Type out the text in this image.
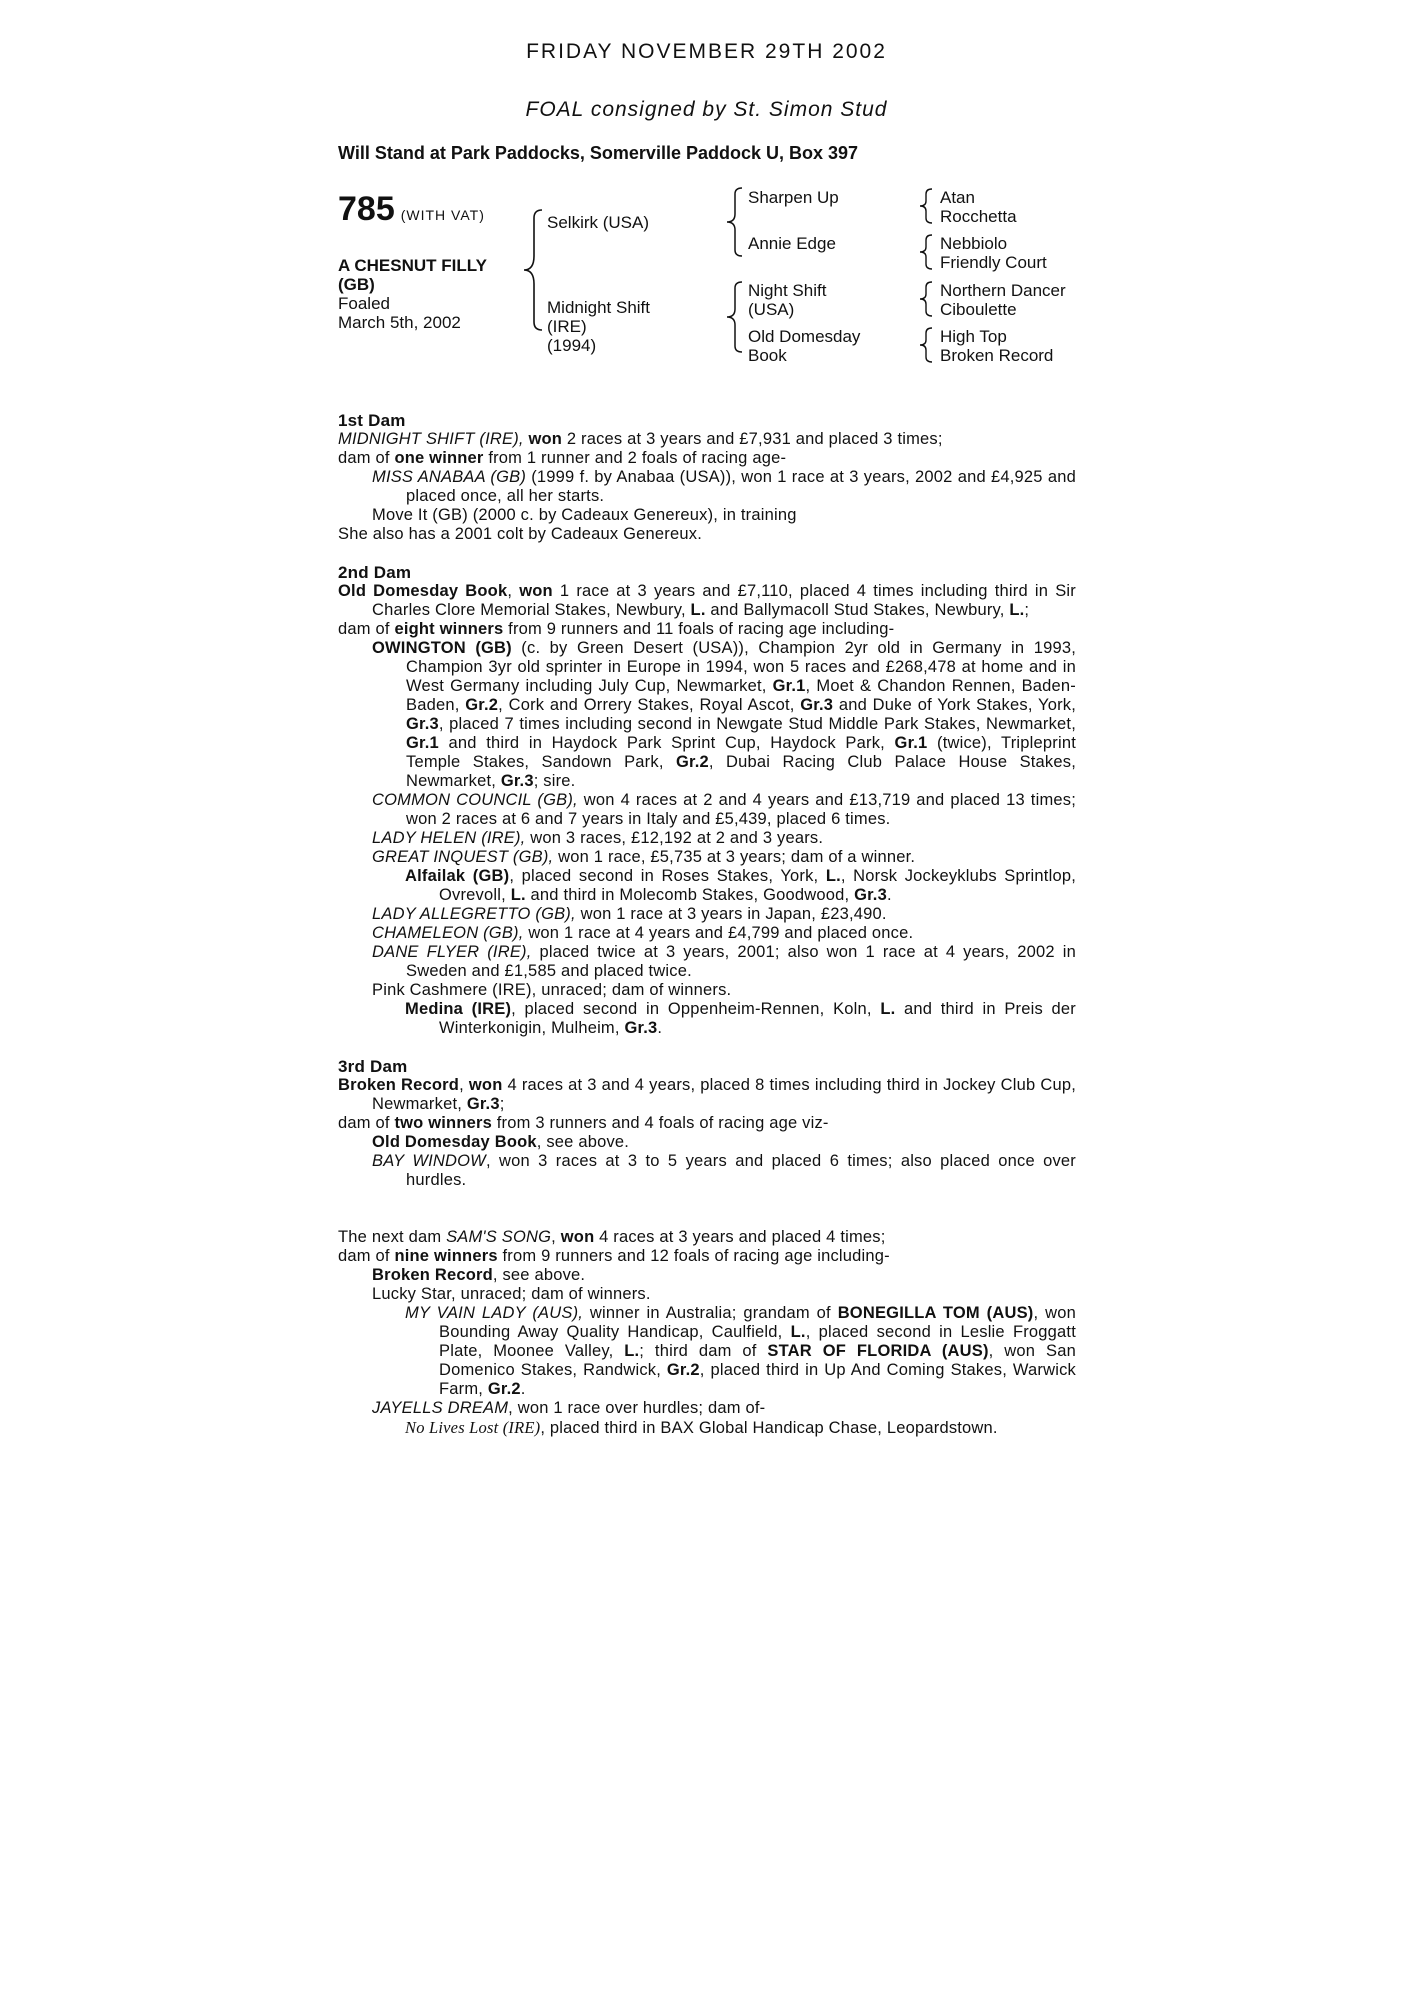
FRIDAY NOVEMBER 29TH 2002
FOAL consigned by St. Simon Stud
Will Stand at Park Paddocks, Somerville Paddock U, Box 397
785 (WITH VAT)
A CHESNUT FILLY
(GB)
Foaled
March 5th, 2002
Selkirk (USA)
Midnight Shift
(IRE)
(1994)
Sharpen Up
Annie Edge
Night Shift
(USA)
Old Domesday
Book
Atan
Rocchetta
Nebbiolo
Friendly Court
Northern Dancer
Ciboulette
High Top
Broken Record

1st Dam

MIDNIGHT SHIFT (IRE), won 2 races at 3 years and £7,931 and placed 3 times;

dam of one winner from 1 runner and 2 foals of racing age-

MISS ANABAA (GB) (1999 f. by Anabaa (USA)), won 1 race at 3 years, 2002 and £4,925 and placed once, all her starts.

Move It (GB) (2000 c. by Cadeaux Genereux), in training

She also has a 2001 colt by Cadeaux Genereux.

2nd Dam

Old Domesday Book, won 1 race at 3 years and £7,110, placed 4 times including third in Sir Charles Clore Memorial Stakes, Newbury, L. and Ballymacoll Stud Stakes, Newbury, L.;

dam of eight winners from 9 runners and 11 foals of racing age including-

OWINGTON (GB) (c. by Green Desert (USA)), Champion 2yr old in Germany in 1993, Champion 3yr old sprinter in Europe in 1994, won 5 races and £268,478 at home and in West Germany including July Cup, Newmarket, Gr.1, Moet & Chandon Rennen, Baden-Baden, Gr.2, Cork and Orrery Stakes, Royal Ascot, Gr.3 and Duke of York Stakes, York, Gr.3, placed 7 times including second in Newgate Stud Middle Park Stakes, Newmarket, Gr.1 and third in Haydock Park Sprint Cup, Haydock Park, Gr.1 (twice), Tripleprint Temple Stakes, Sandown Park, Gr.2, Dubai Racing Club Palace House Stakes, Newmarket, Gr.3; sire.

COMMON COUNCIL (GB), won 4 races at 2 and 4 years and £13,719 and placed 13 times; won 2 races at 6 and 7 years in Italy and £5,439, placed 6 times.

LADY HELEN (IRE), won 3 races, £12,192 at 2 and 3 years.

GREAT INQUEST (GB), won 1 race, £5,735 at 3 years; dam of a winner.

Alfailak (GB), placed second in Roses Stakes, York, L., Norsk Jockeyklubs Sprintlop, Ovrevoll, L. and third in Molecomb Stakes, Goodwood, Gr.3.

LADY ALLEGRETTO (GB), won 1 race at 3 years in Japan, £23,490.

CHAMELEON (GB), won 1 race at 4 years and £4,799 and placed once.

DANE FLYER (IRE), placed twice at 3 years, 2001; also won 1 race at 4 years, 2002 in Sweden and £1,585 and placed twice.

Pink Cashmere (IRE), unraced; dam of winners.

Medina (IRE), placed second in Oppenheim-Rennen, Koln, L. and third in Preis der Winterkonigin, Mulheim, Gr.3.

3rd Dam

Broken Record, won 4 races at 3 and 4 years, placed 8 times including third in Jockey Club Cup, Newmarket, Gr.3;

dam of two winners from 3 runners and 4 foals of racing age viz-

Old Domesday Book, see above.

BAY WINDOW, won 3 races at 3 to 5 years and placed 6 times; also placed once over hurdles.

The next dam SAM'S SONG, won 4 races at 3 years and placed 4 times;

dam of nine winners from 9 runners and 12 foals of racing age including-

Broken Record, see above.

Lucky Star, unraced; dam of winners.

MY VAIN LADY (AUS), winner in Australia; grandam of BONEGILLA TOM (AUS), won Bounding Away Quality Handicap, Caulfield, L., placed second in Leslie Froggatt Plate, Moonee Valley, L.; third dam of STAR OF FLORIDA (AUS), won San Domenico Stakes, Randwick, Gr.2, placed third in Up And Coming Stakes, Warwick Farm, Gr.2.

JAYELLS DREAM, won 1 race over hurdles; dam of-

No Lives Lost (IRE), placed third in BAX Global Handicap Chase, Leopardstown.
